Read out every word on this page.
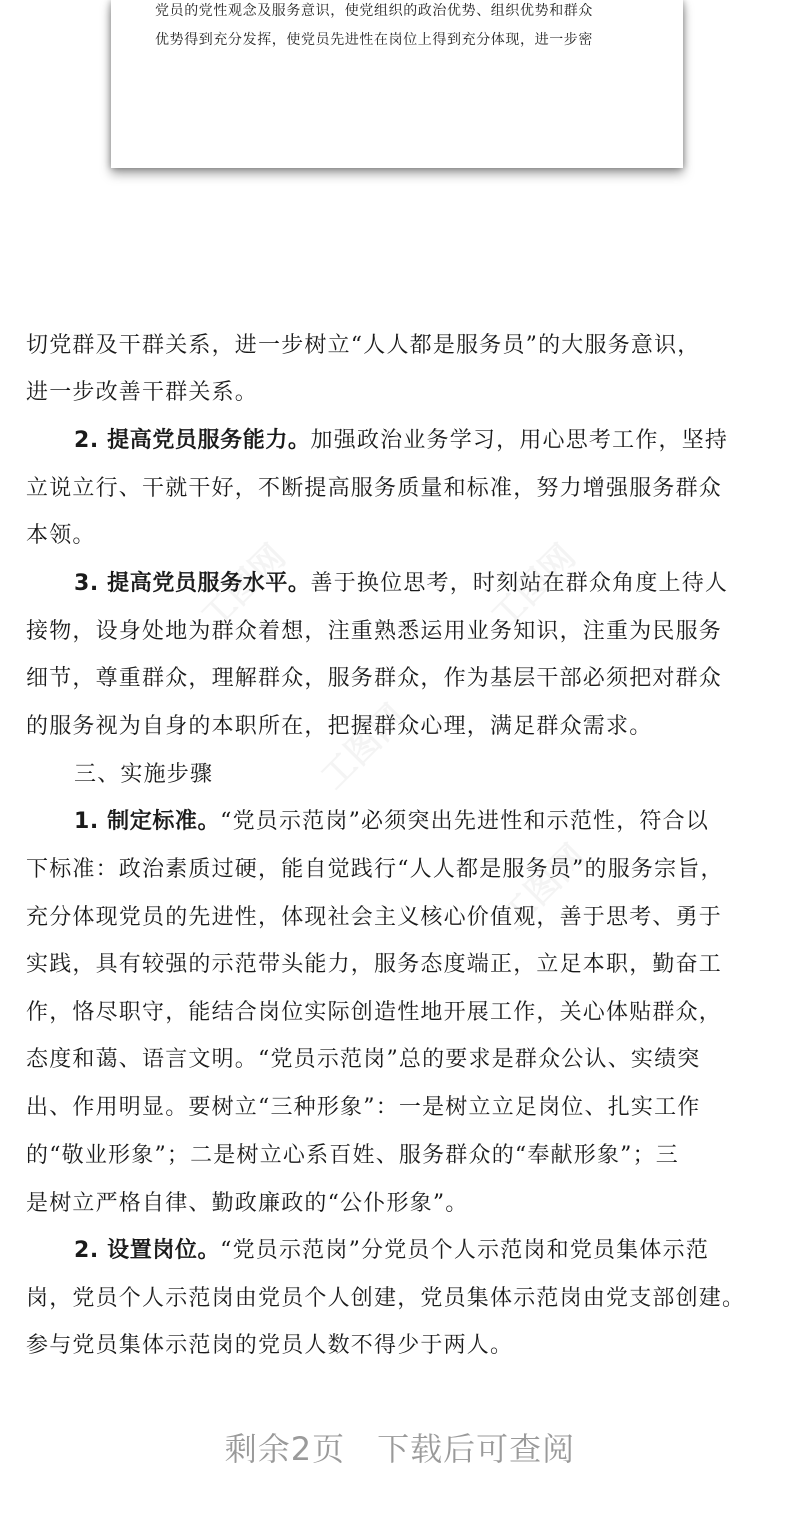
党员的党性观念及服务意识，使党组织的政治优势、组织优势和群众
优势得到充分发挥，使党员先进性在岗位上得到充分体现，进一步密
切党群及干群关系，进一步树立“人人都是服务员”的大服务意识，
进一步改善干群关系。
2. 提高党员服务能力。加强政治业务学习，用心思考工作，坚持
立说立行、干就干好，不断提高服务质量和标准，努力增强服务群众
本领。
3. 提高党员服务水平。善于换位思考，时刻站在群众角度上待人
接物，设身处地为群众着想，注重熟悉运用业务知识，注重为民服务
细节，尊重群众，理解群众，服务群众，作为基层干部必须把对群众
的服务视为自身的本职所在，把握群众心理，满足群众需求。
三、实施步骤
1. 制定标准。“党员示范岗”必须突出先进性和示范性，符合以
下标准：政治素质过硬，能自觉践行“人人都是服务员”的服务宗旨，
充分体现党员的先进性，体现社会主义核心价值观，善于思考、勇于
实践，具有较强的示范带头能力，服务态度端正，立足本职，勤奋工
作，恪尽职守，能结合岗位实际创造性地开展工作，关心体贴群众，
态度和蔼、语言文明。“党员示范岗”总的要求是群众公认、实绩突
出、作用明显。要树立“三种形象”：一是树立立足岗位、扎实工作
的“敬业形象”；二是树立心系百姓、服务群众的“奉献形象”；三
是树立严格自律、勤政廉政的“公仆形象”。
2. 设置岗位。“党员示范岗”分党员个人示范岗和党员集体示范
岗，党员个人示范岗由党员个人创建，党员集体示范岗由党支部创建。
参与党员集体示范岗的党员人数不得少于两人。
剩余2页 下载后可查阅
